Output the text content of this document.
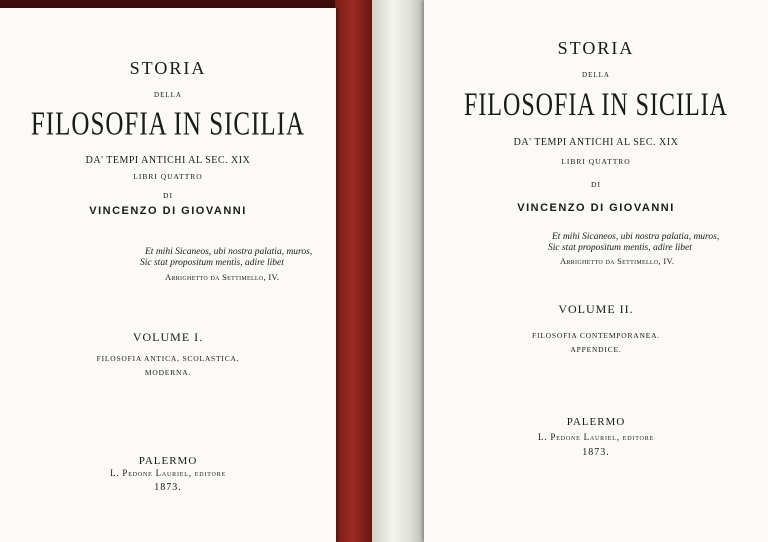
STORIA
DELLA
FILOSOFIA IN SICILIA
DA' TEMPI ANTICHI AL SEC. XIX
LIBRI QUATTRO
DI
VINCENZO DI GIOVANNI
Et mihi Sicaneos, ubi nostra palatia, muros,
Sic stat propositum mentis, adire libet
Arrighetto da Settimello, IV.
VOLUME I.
FILOSOFIA ANTICA, SCOLASTICA,
MODERNA.
PALERMO
L. Pedone Lauriel, editore
1873.
STORIA
DELLA
FILOSOFIA IN SICILIA
DA' TEMPI ANTICHI AL SEC. XIX
LIBRI QUATTRO
DI
VINCENZO DI GIOVANNI
Et mihi Sicaneos, ubi nostra palatia, muros,
Sic stat propositum mentis, adire libet
Arrighetto da Settimello, IV.
VOLUME II.
FILOSOFIA CONTEMPORANEA.
APPENDICE.
PALERMO
L. Pedone Lauriel, editore
1873.
